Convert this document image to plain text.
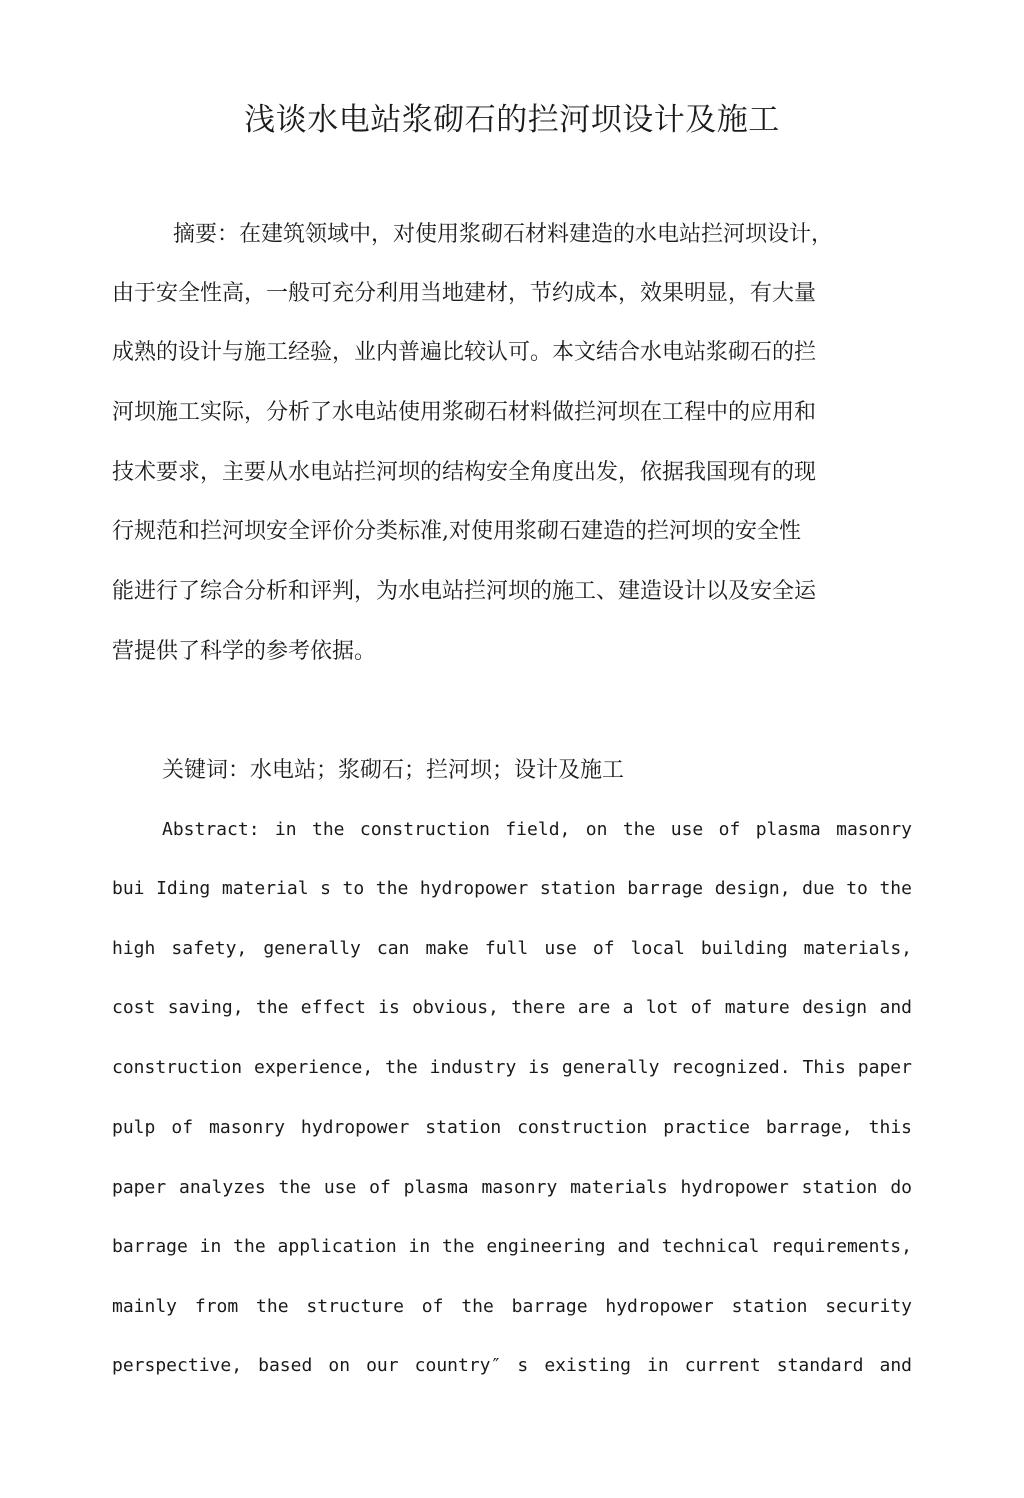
浅谈水电站浆砌石的拦河坝设计及施工
摘要：在建筑领域中，对使用浆砌石材料建造的水电站拦河坝设计，
由于安全性高，一般可充分利用当地建材，节约成本，效果明显，有大量
成熟的设计与施工经验，业内普遍比较认可。本文结合水电站浆砌石的拦
河坝施工实际，分析了水电站使用浆砌石材料做拦河坝在工程中的应用和
技术要求，主要从水电站拦河坝的结构安全角度出发，依据我国现有的现
行规范和拦河坝安全评价分类标准,对使用浆砌石建造的拦河坝的安全性
能进行了综合分析和评判，为水电站拦河坝的施工、建造设计以及安全运
营提供了科学的参考依据。
关键词：水电站；浆砌石；拦河坝；设计及施工
Abstract: in the construction field, on the use of plasma masonry
bui Iding material s to the hydropower station barrage design, due to the
high safety, generally can make full use of local building materials,
cost saving, the effect is obvious, there are a lot of mature design and
construction experience, the industry is generally recognized. This paper
pulp of masonry hydropower station construction practice barrage, this
paper analyzes the use of plasma masonry materials hydropower station do
barrage in the application in the engineering and technical requirements,
mainly from the structure of the barrage hydropower station security
perspective, based on our country″ s existing in current standard and
